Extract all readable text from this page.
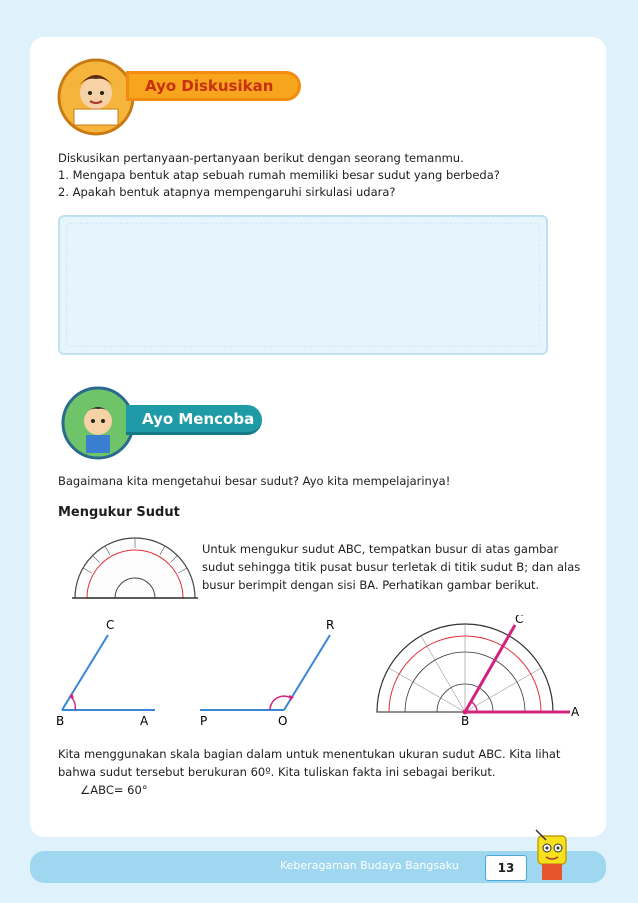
Ayo Diskusikan
Diskusikan pertanyaan-pertanyaan berikut dengan seorang temanmu.
1. Mengapa bentuk atap sebuah rumah memiliki besar sudut yang berbeda?
2. Apakah bentuk atapnya mempengaruhi sirkulasi udara?
Ayo Mencoba
Bagaimana kita mengetahui besar sudut? Ayo kita mempelajarinya!
Mengukur Sudut
Untuk mengukur sudut ABC, tempatkan busur di atas gambar
sudut sehingga titik pusat busur terletak di titik sudut B; dan alas
busur berimpit dengan sisi BA. Perhatikan gambar berikut.
C
B	A
R
P	Q
C
B
A
Kita menggunakan skala bagian dalam untuk menentukan ukuran sudut ABC. Kita lihat
bahwa sudut tersebut berukuran 60º. Kita tuliskan fakta ini sebagai berikut.
∠ABC= 60°
Keberagaman Budaya Bangsaku	13
